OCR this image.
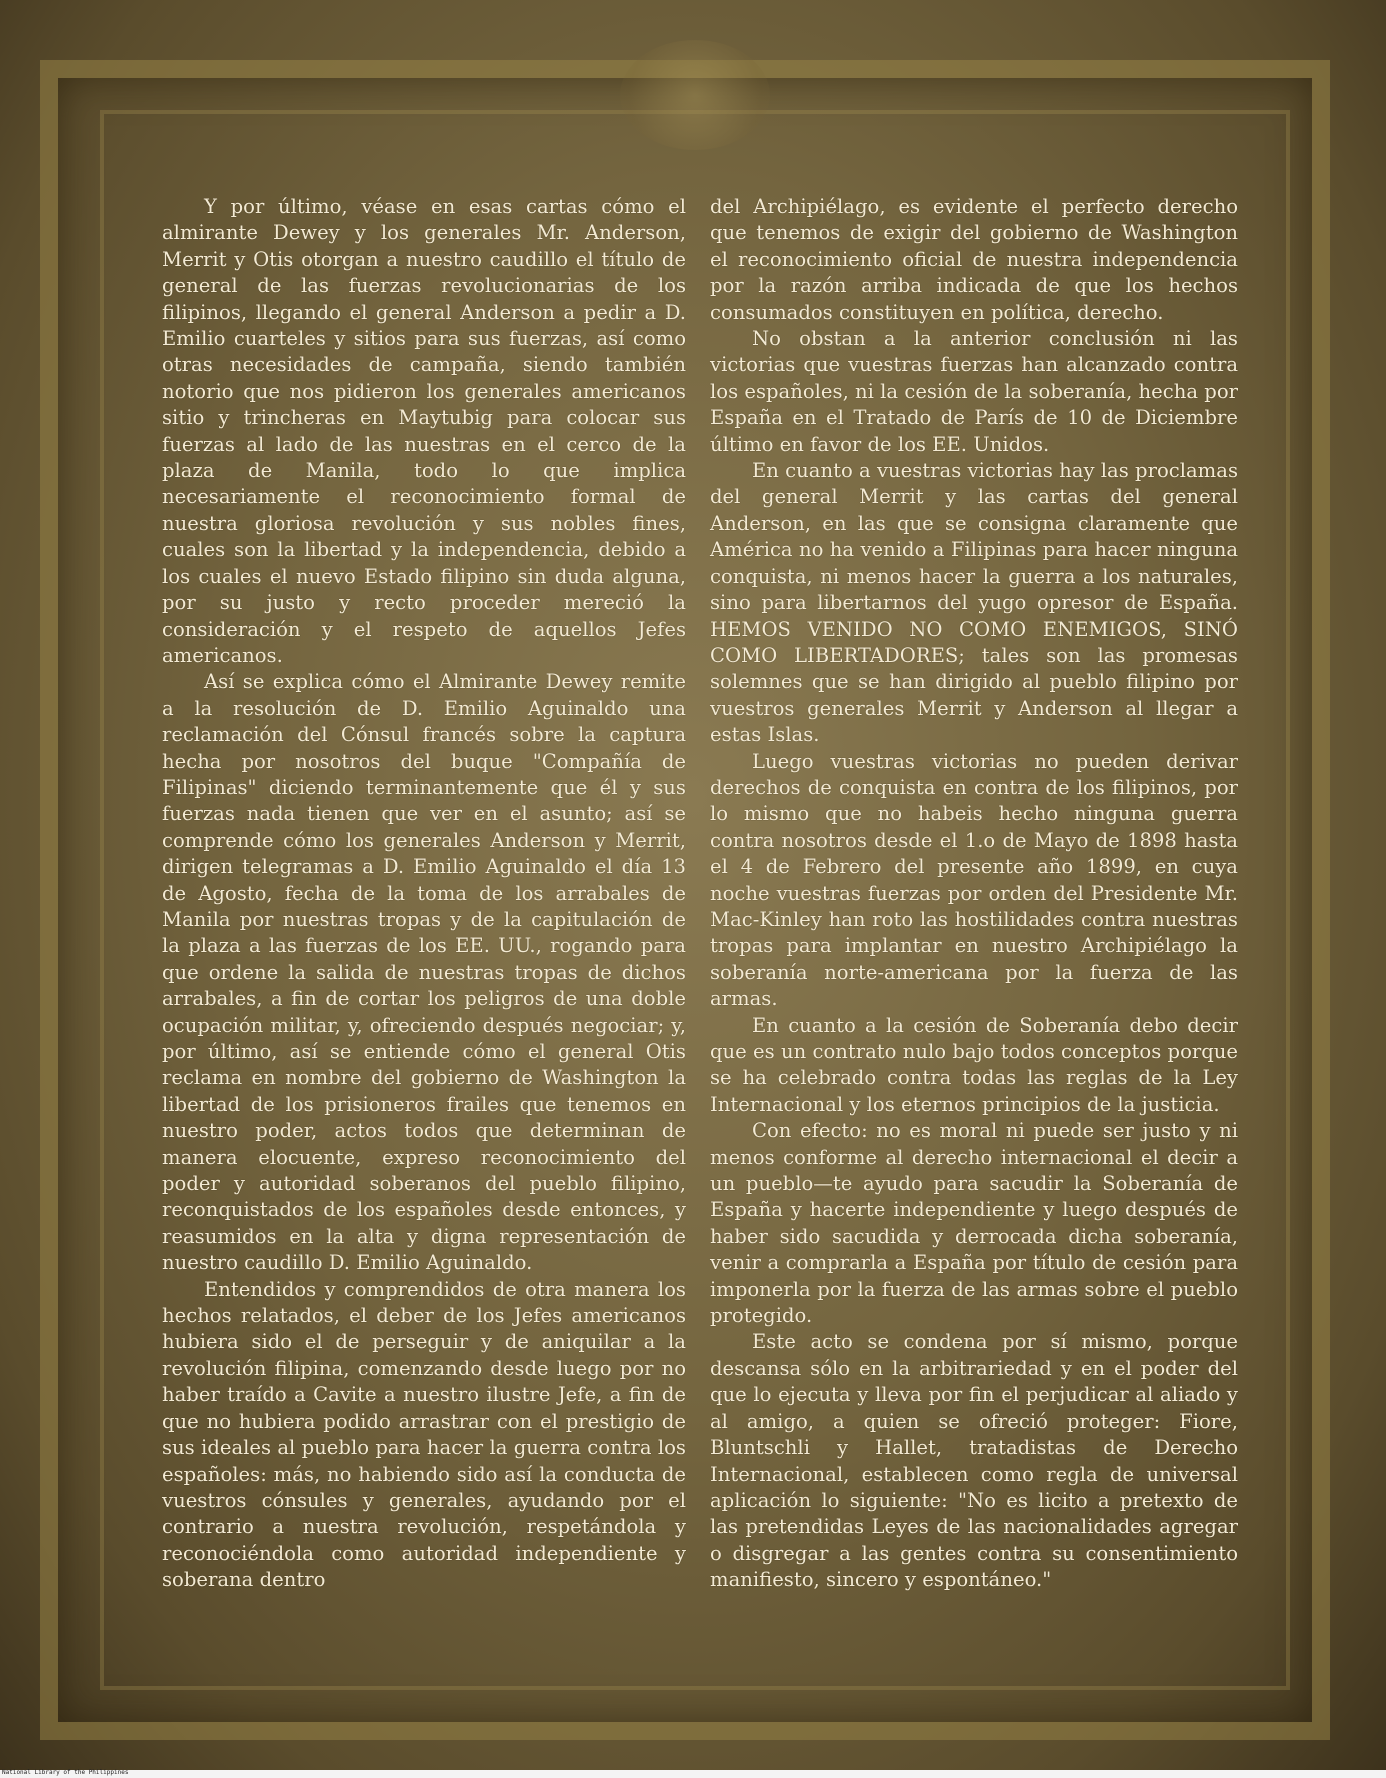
Y por último, véase en esas cartas cómo el almirante Dewey y los generales Mr. Anderson, Merrit y Otis otorgan a nuestro caudillo el título de general de las fuerzas revolucionarias de los filipinos, llegando el general Anderson a pedir a D. Emilio cuarteles y sitios para sus fuerzas, así como otras necesidades de campaña, siendo también notorio que nos pidieron los generales americanos sitio y trincheras en Maytubig para colocar sus fuerzas al lado de las nuestras en el cerco de la plaza de Manila, todo lo que implica necesariamente el reconocimiento formal de nuestra gloriosa revolución y sus nobles fines, cuales son la libertad y la independencia, debido a los cuales el nuevo Estado filipino sin duda alguna, por su justo y recto proceder mereció la consideración y el respeto de aquellos Jefes americanos.

Así se explica cómo el Almirante Dewey remite a la resolución de D. Emilio Aguinaldo una reclamación del Cónsul francés sobre la captura hecha por nosotros del buque "Compañía de Filipinas" diciendo terminantemente que él y sus fuerzas nada tienen que ver en el asunto; así se comprende cómo los generales Anderson y Merrit, dirigen telegramas a D. Emilio Aguinaldo el día 13 de Agosto, fecha de la toma de los arrabales de Manila por nuestras tropas y de la capitulación de la plaza a las fuerzas de los EE. UU., rogando para que ordene la salida de nuestras tropas de dichos arrabales, a fin de cortar los peligros de una doble ocupación militar, y, ofreciendo después negociar; y, por último, así se entiende cómo el general Otis reclama en nombre del gobierno de Washington la libertad de los prisioneros frailes que tenemos en nuestro poder, actos todos que determinan de manera elocuente, expreso reconocimiento del poder y autoridad soberanos del pueblo filipino, reconquistados de los españoles desde entonces, y reasumidos en la alta y digna representación de nuestro caudillo D. Emilio Aguinaldo.

Entendidos y comprendidos de otra manera los hechos relatados, el deber de los Jefes americanos hubiera sido el de perseguir y de aniquilar a la revolución filipina, comenzando desde luego por no haber traído a Cavite a nuestro ilustre Jefe, a fin de que no hubiera podido arrastrar con el prestigio de sus ideales al pueblo para hacer la guerra contra los españoles: más, no habiendo sido así la conducta de vuestros cónsules y generales, ayudando por el contrario a nuestra revolución, respetándola y reconociéndola como autoridad independiente y soberana dentro

del Archipiélago, es evidente el perfecto derecho que tenemos de exigir del gobierno de Washington el reconocimiento oficial de nuestra independencia por la razón arriba indicada de que los hechos consumados constituyen en política, derecho.

No obstan a la anterior conclusión ni las victorias que vuestras fuerzas han alcanzado contra los españoles, ni la cesión de la soberanía, hecha por España en el Tratado de París de 10 de Diciembre último en favor de los EE. Unidos.

En cuanto a vuestras victorias hay las proclamas del general Merrit y las cartas del general Anderson, en las que se consigna claramente que América no ha venido a Filipinas para hacer ninguna conquista, ni menos hacer la guerra a los naturales, sino para libertarnos del yugo opresor de España. HEMOS VENIDO NO COMO ENEMIGOS, SINÓ COMO LIBERTADORES; tales son las promesas solemnes que se han dirigido al pueblo filipino por vuestros generales Merrit y Anderson al llegar a estas Islas.

Luego vuestras victorias no pueden derivar derechos de conquista en contra de los filipinos, por lo mismo que no habeis hecho ninguna guerra contra nosotros desde el 1.o de Mayo de 1898 hasta el 4 de Febrero del presente año 1899, en cuya noche vuestras fuerzas por orden del Presidente Mr. Mac-Kinley han roto las hostilidades contra nuestras tropas para implantar en nuestro Archipiélago la soberanía norte-americana por la fuerza de las armas.

En cuanto a la cesión de Soberanía debo decir que es un contrato nulo bajo todos conceptos porque se ha celebrado contra todas las reglas de la Ley Internacional y los eternos principios de la justicia.

Con efecto: no es moral ni puede ser justo y ni menos conforme al derecho internacional el decir a un pueblo—te ayudo para sacudir la Soberanía de España y hacerte independiente y luego después de haber sido sacudida y derrocada dicha soberanía, venir a comprarla a España por título de cesión para imponerla por la fuerza de las armas sobre el pueblo protegido.

Este acto se condena por sí mismo, porque descansa sólo en la arbitrariedad y en el poder del que lo ejecuta y lleva por fin el perjudicar al aliado y al amigo, a quien se ofreció proteger: Fiore, Bluntschli y Hallet, tratadistas de Derecho Internacional, establecen como regla de universal aplicación lo siguiente: "No es licito a pretexto de las pretendidas Leyes de las nacionalidades agregar o disgregar a las gentes contra su consentimiento manifiesto, sincero y espontáneo."

National Library of the Philippines
